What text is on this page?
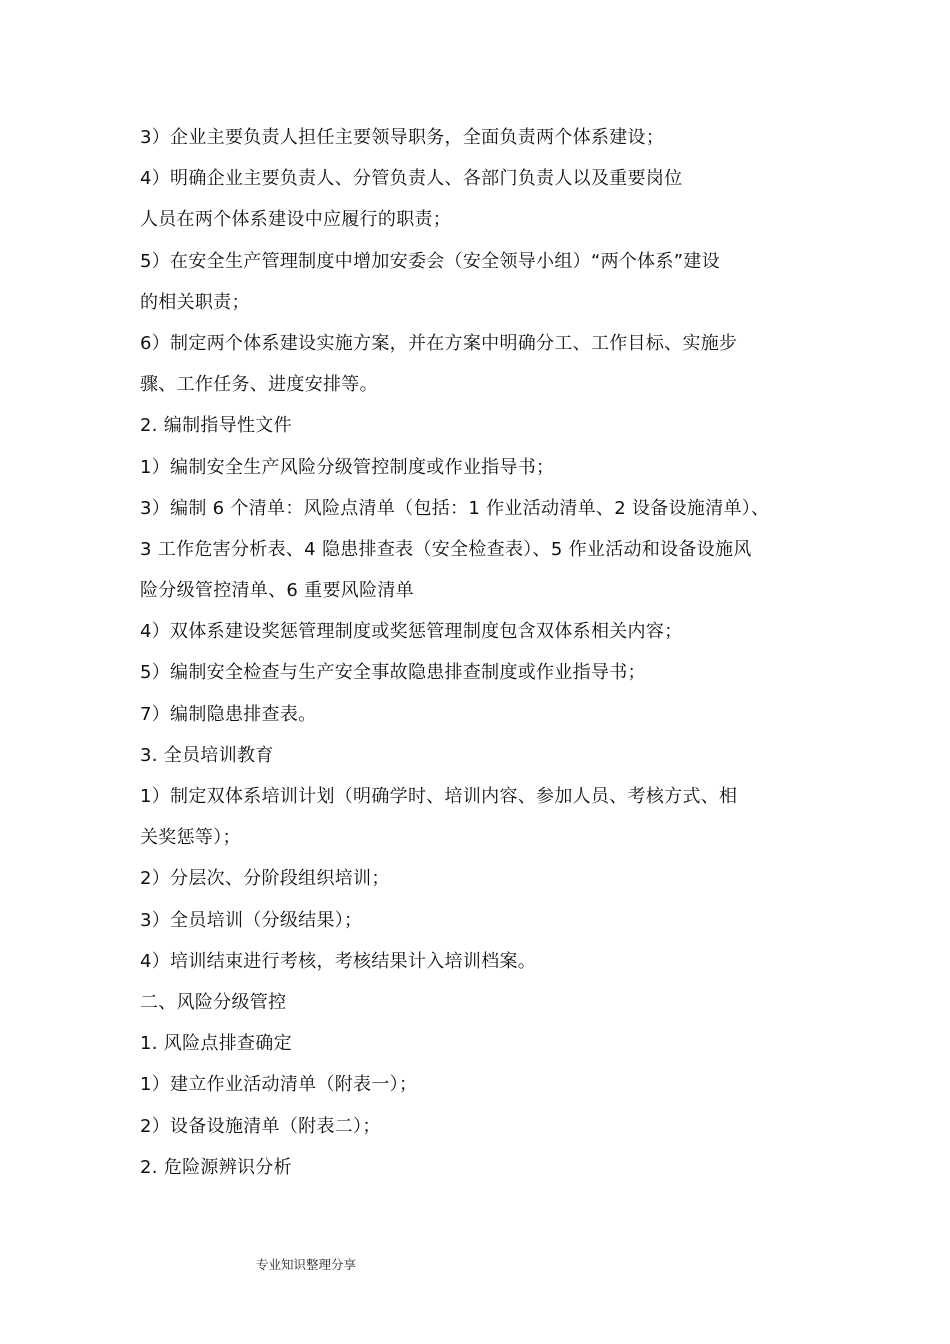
3）企业主要负责人担任主要领导职务，全面负责两个体系建设；
4）明确企业主要负责人、分管负责人、各部门负责人以及重要岗位
人员在两个体系建设中应履行的职责；
5）在安全生产管理制度中增加安委会（安全领导小组）“两个体系”建设
的相关职责；
6）制定两个体系建设实施方案，并在方案中明确分工、工作目标、实施步
骤、工作任务、进度安排等。
2. 编制指导性文件
1）编制安全生产风险分级管控制度或作业指导书；
3）编制 6 个清单：风险点清单（包括：1 作业活动清单、2 设备设施清单）、
3 工作危害分析表、4 隐患排查表（安全检查表）、5 作业活动和设备设施风
险分级管控清单、6 重要风险清单
4）双体系建设奖惩管理制度或奖惩管理制度包含双体系相关内容；
5）编制安全检查与生产安全事故隐患排查制度或作业指导书；
7）编制隐患排查表。
3. 全员培训教育
1）制定双体系培训计划（明确学时、培训内容、参加人员、考核方式、相
关奖惩等）；
2）分层次、分阶段组织培训；
3）全员培训（分级结果）；
4）培训结束进行考核，考核结果计入培训档案。
二、风险分级管控
1. 风险点排查确定
1）建立作业活动清单（附表一）；
2）设备设施清单（附表二）；
2. 危险源辨识分析
专业知识整理分享
